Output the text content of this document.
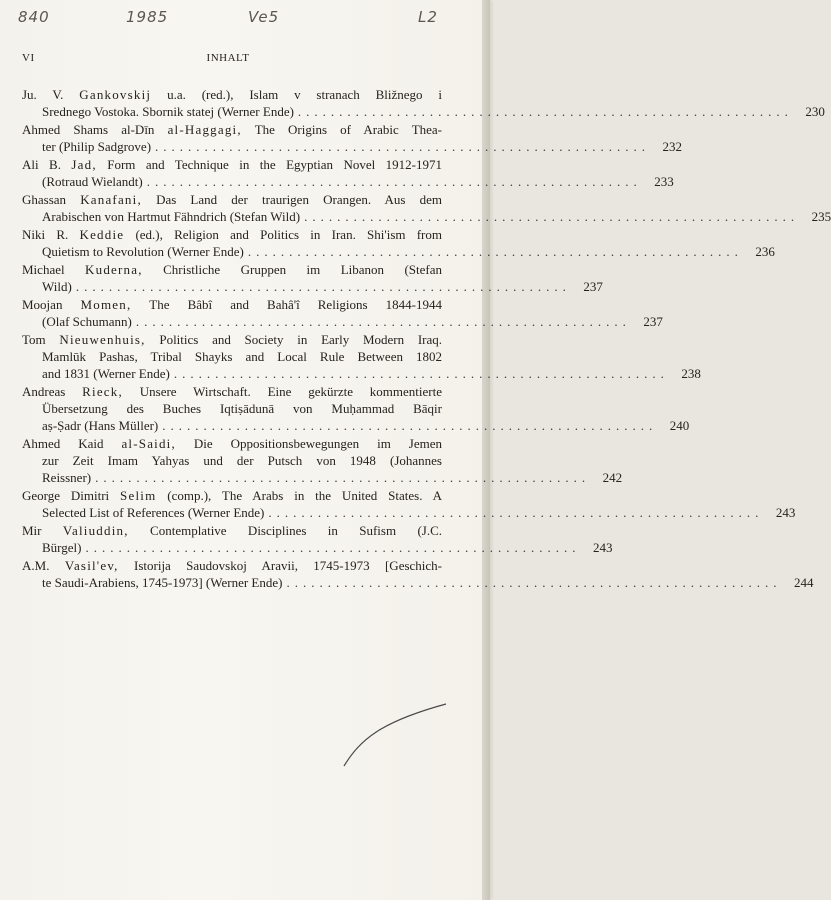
840	1985	Ve5	L2
VI	INHALT
Ju. V. Gankovskij u.a. (red.), Islam v stranach Bližnego i
Srednego Vostoka. Sbornik statej (Werner Ende) ............................................................ 230
Ahmed Shams al-Dīn al-Haggagi, The Origins of Arabic Thea-
ter (Philip Sadgrove) ............................................................ 232
Ali B. Jad, Form and Technique in the Egyptian Novel 1912-1971
(Rotraud Wielandt) ............................................................ 233
Ghassan Kanafani, Das Land der traurigen Orangen. Aus dem
Arabischen von Hartmut Fähndrich (Stefan Wild) ............................................................ 235
Niki R. Keddie (ed.), Religion and Politics in Iran. Shi'ism from
Quietism to Revolution (Werner Ende) ............................................................ 236
Michael Kuderna, Christliche Gruppen im Libanon (Stefan
Wild) ............................................................ 237
Moojan Momen, The Bâbî and Bahâ'î Religions 1844-1944
(Olaf Schumann) ............................................................ 237
Tom Nieuwenhuis, Politics and Society in Early Modern Iraq.
Mamlūk Pashas, Tribal Shayks and Local Rule Between 1802
and 1831 (Werner Ende) ............................................................ 238
Andreas Rieck, Unsere Wirtschaft. Eine gekürzte kommentierte
Übersetzung des Buches Iqtiṣādunā von Muḥammad Bāqir
aṣ-Ṣadr (Hans Müller) ............................................................ 240
Ahmed Kaid al-Saidi, Die Oppositionsbewegungen im Jemen
zur Zeit Imam Yahyas und der Putsch von 1948 (Johannes
Reissner) ............................................................ 242
George Dimitri Selim (comp.), The Arabs in the United States. A
Selected List of References (Werner Ende) ............................................................ 243
Mir Valiuddin, Contemplative Disciplines in Sufism (J.C.
Bürgel) ............................................................ 243
A.M. Vasil'ev, Istorija Saudovskoj Aravii, 1745-1973 [Geschich-
te Saudi-Arabiens, 1745-1973] (Werner Ende) ............................................................ 244
